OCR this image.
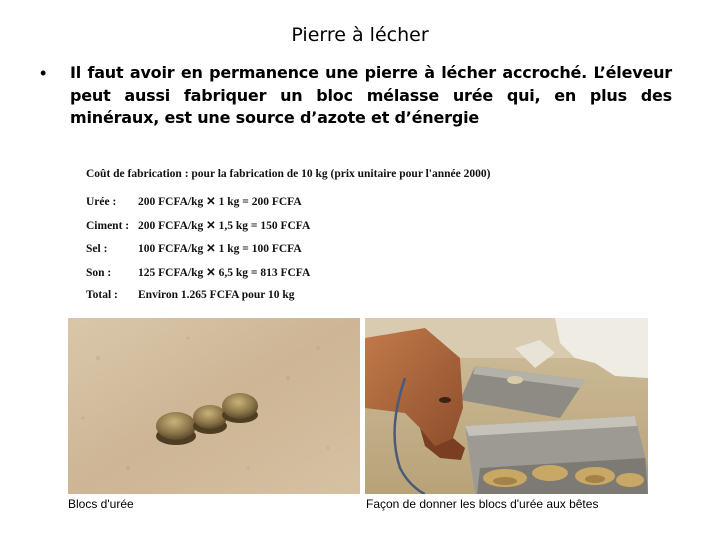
Pierre à lécher
• Il faut avoir en permanence une pierre à lécher accroché. L’éleveur peut aussi fabriquer un bloc mélasse urée qui, en plus des minéraux, est une source d’azote et d’énergie
Coût de fabrication : pour la fabrication de 10 kg (prix unitaire pour l'année 2000)
Urée : 200 FCFA/kg ✕ 1 kg = 200 FCFA
Ciment : 200 FCFA/kg ✕ 1,5 kg = 150 FCFA
Sel :	100 FCFA/kg ✕ 1 kg = 100 FCFA
Son : 125 FCFA/kg ✕ 6,5 kg = 813 FCFA
Total : Environ 1.265 FCFA pour 10 kg
Blocs d'urée	Façon de donner les blocs d'urée aux bêtes
